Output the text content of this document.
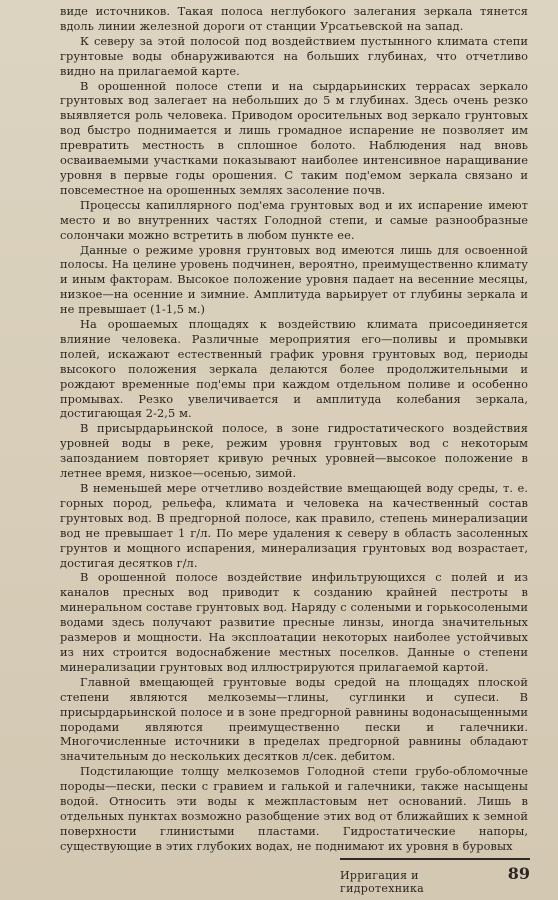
виде источников. Такая полоса неглубокого залегания зеркала тянется вдоль линии железной дороги от станции Урсатьевской на запад.

К северу за этой полосой под воздействием пустынного климата степи грунтовые воды обнаруживаются на больших глубинах, что отчетливо видно на прилагаемой карте.

В орошенной полосе степи и на сырдарьинских террасах зеркало грунтовых вод залегает на небольших до 5 м глубинах. Здесь очень резко выявляется роль человека. Приводом оросительных вод зеркало грунтовых вод быстро поднимается и лишь громадное испарение не позволяет им превратить местность в сплошное болото. Наблюдения над вновь осваиваемыми участками показывают наиболее интенсивное наращивание уровня в первые годы орошения. С таким под'емом зеркала связано и повсеместное на орошенных землях засоление почв.

Процессы капиллярного под'ема грунтовых вод и их испарение имеют место и во внутренних частях Голодной степи, и самые разнообразные солончаки можно встретить в любом пункте ее.

Данные о режиме уровня грунтовых вод имеются лишь для освоенной полосы. На целине уровень подчинен, вероятно, преимущественно климату и иным факторам. Высокое положение уровня падает на весенние месяцы, низкое—на осенние и зимние. Амплитуда варьирует от глубины зеркала и не превышает (1-1,5 м.)

На орошаемых площадях к воздействию климата присоединяется влияние человека. Различные мероприятия его—поливы и промывки полей, искажают естественный график уровня грунтовых вод, периоды высокого положения зеркала делаются более продолжительными и рождают временные под'емы при каждом отдельном поливе и особенно промывах. Резко увеличивается и амплитуда колебания зеркала, достигающая 2-2,5 м.

В присырдарьинской полосе, в зоне гидростатического воздействия уровней воды в реке, режим уровня грунтовых вод с некоторым запозданием повторяет кривую речных уровней—высокое положение в летнее время, низкое—осенью, зимой.

В неменьшей мере отчетливо воздействие вмещающей воду среды, т. е. горных пород, рельефа, климата и человека на качественный состав грунтовых вод. В предгорной полосе, как правило, степень минерализации вод не превышает 1 г/л. По мере удаления к северу в область засоленных грунтов и мощного испарения, минерализация грунтовых вод возрастает, достигая десятков г/л.

В орошенной полосе воздействие инфильтрующихся с полей и из каналов пресных вод приводит к созданию крайней пестроты в минеральном составе грунтовых вод. Наряду с солеными и горькосолеными водами здесь получают развитие пресные линзы, иногда значительных размеров и мощности. На эксплоатации некоторых наиболее устойчивых из них строится водоснабжение местных поселков. Данные о степени минерализации грунтовых вод иллюстрируются прилагаемой картой.

Главной вмещающей грунтовые воды средой на площадях плоской степени являются мелкоземы—глины, суглинки и супеси. В присырдарьинской полосе и в зоне предгорной равнины водонасыщенными породами являются преимущественно пески и галечники. Многочисленные источники в пределах предгорной равнины обладают значительным до нескольких десятков л/сек. дебитом.

Подстилающие толщу мелкоземов Голодной степи грубо-обломочные породы—пески, пески с гравием и галькой и галечники, также насыщены водой. Относить эти воды к межпластовым нет оснований. Лишь в отдельных пунктах возможно разобщение этих вод от ближайших к земной поверхности глинистыми пластами. Гидростатические напоры, существующие в этих глубоких водах, не поднимают их уровня в буровых

Ирригация и гидротехника
89
